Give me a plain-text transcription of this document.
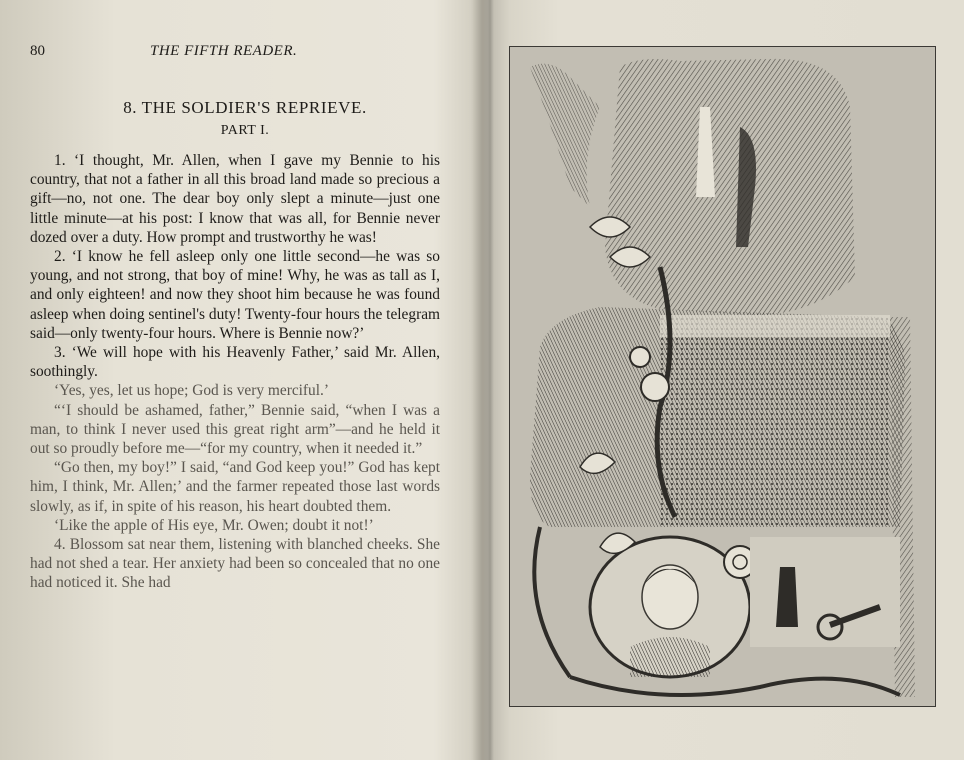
80	THE FIFTH READER.
8. THE SOLDIER'S REPRIEVE.
PART I.

1. ‘I thought, Mr. Allen, when I gave my Bennie to his country, that not a father in all this broad land made so precious a gift—no, not one. The dear boy only slept a minute—just one little minute—at his post: I know that was all, for Bennie never dozed over a duty. How prompt and trustworthy he was!

2. ‘I know he fell asleep only one little second—he was so young, and not strong, that boy of mine! Why, he was as tall as I, and only eighteen! and now they shoot him because he was found asleep when doing sentinel's duty! Twenty-four hours the telegram said—only twenty-four hours. Where is Bennie now?’

3. ‘We will hope with his Heavenly Father,’ said Mr. Allen, soothingly.

‘Yes, yes, let us hope; God is very merciful.’

“‘I should be ashamed, father,” Bennie said, “when I was a man, to think I never used this great right arm”—and he held it out so proudly before me—“for my country, when it needed it.”

“Go then, my boy!” I said, “and God keep you!” God has kept him, I think, Mr. Allen;’ and the farmer repeated those last words slowly, as if, in spite of his reason, his heart doubted them.

‘Like the apple of His eye, Mr. Owen; doubt it not!’

4. Blossom sat near them, listening with blanched cheeks. She had not shed a tear. Her anxiety had been so concealed that no one had noticed it. She had
